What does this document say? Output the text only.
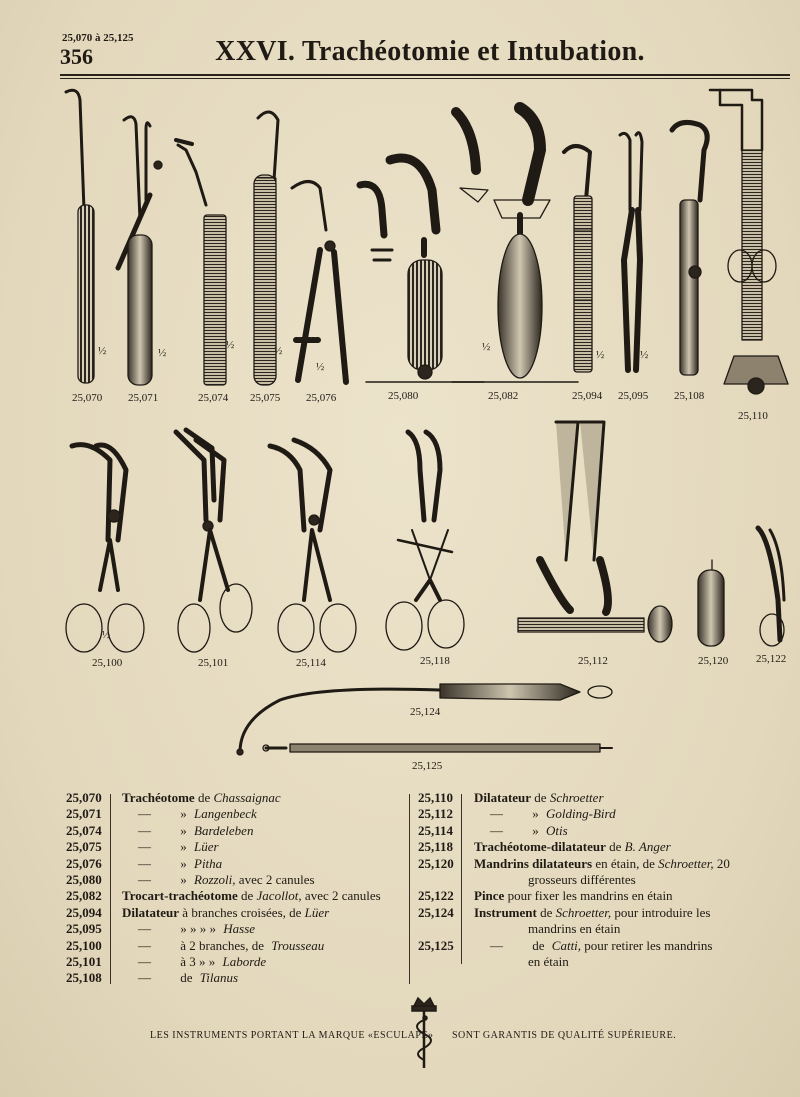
25,070 à 25,125
356	XXVI. Trachéotomie et Intubation.
½	½
½	½
½
½
½	½
½
25,070 25,071	25,074 25,075 25,076	25,080	25,082	25,094 25,095 25,108
25,110
25,100	25,101	25,114	25,118	25,112	25,120	25,122
25,124
25,125
25,070	Trachéotome de Chassaignac
25,071	— » Langenbeck
25,074	— » Bardeleben
25,075	— » Lüer
25,076	— » Pitha
25,080	— » Rozzoli, avec 2 canules
25,082	Trocart-trachéotome de Jacollot, avec 2 canules
25,094	Dilatateur à branches croisées, de Lüer
25,095	— » » » » Hasse
25,100	— à 2 branches, de Trousseau
25,101	— à 3 » » Laborde
25,108	— de Tilanus
25,110	Dilatateur de Schroetter
25,112	— » Golding-Bird
25,114	— » Otis
25,118	Trachéotome-dilatateur de B. Anger
25,120	Mandrins dilatateurs en étain, de Schroetter, 20
grosseurs différentes
25,122	Pince pour fixer les mandrins en étain
25,124	Instrument de Schroetter, pour introduire les
mandrins en étain
25,125	— de Catti, pour retirer les mandrins
en étain
LES INSTRUMENTS PORTANT LA MARQUE «ESCULAPE» SONT GARANTIS DE QUALITÉ SUPÉRIEURE.
